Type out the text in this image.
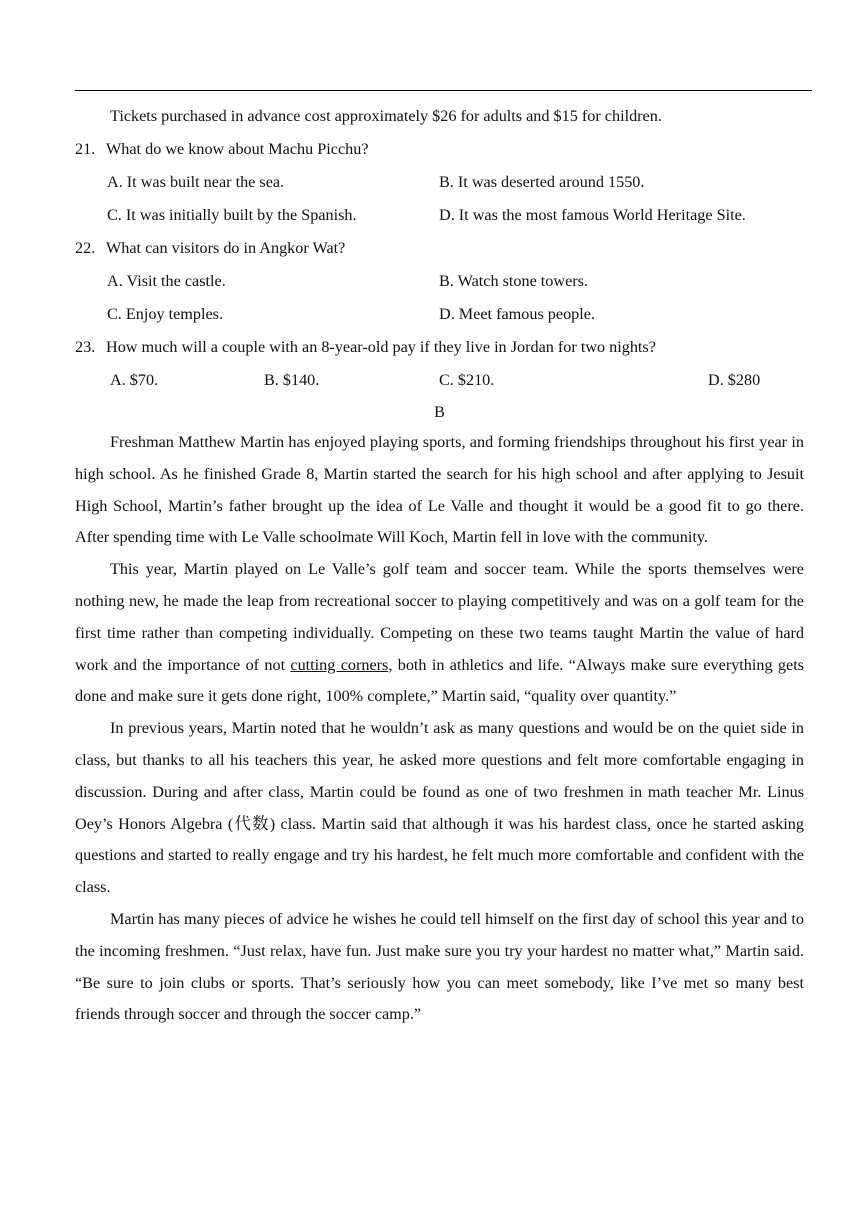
Tickets purchased in advance cost approximately $26 for adults and $15 for children.
21. What do we know about Machu Picchu?
A. It was built near the sea.	B. It was deserted around 1550.
C. It was initially built by the Spanish.	D. It was the most famous World Heritage Site.
22. What can visitors do in Angkor Wat?
A. Visit the castle.	B. Watch stone towers.
C. Enjoy temples.	D. Meet famous people.
23. How much will a couple with an 8-year-old pay if they live in Jordan for two nights?
A. $70.	B. $140.	C. $210.	D. $280
B

Freshman Matthew Martin has enjoyed playing sports, and forming friendships throughout his first year in high school. As he finished Grade 8, Martin started the search for his high school and after applying to Jesuit High School, Martin’s father brought up the idea of Le Valle and thought it would be a good fit to go there. After spending time with Le Valle schoolmate Will Koch, Martin fell in love with the community.

This year, Martin played on Le Valle’s golf team and soccer team. While the sports themselves were nothing new, he made the leap from recreational soccer to playing competitively and was on a golf team for the first time rather than competing individually. Competing on these two teams taught Martin the value of hard work and the importance of not cutting corners, both in athletics and life. “Always make sure everything gets done and make sure it gets done right, 100% complete,” Martin said, “quality over quantity.”

In previous years, Martin noted that he wouldn’t ask as many questions and would be on the quiet side in class, but thanks to all his teachers this year, he asked more questions and felt more comfortable engaging in discussion. During and after class, Martin could be found as one of two freshmen in math teacher Mr. Linus Oey’s Honors Algebra (代数) class. Martin said that although it was his hardest class, once he started asking questions and started to really engage and try his hardest, he felt much more comfortable and confident with the class.

Martin has many pieces of advice he wishes he could tell himself on the first day of school this year and to the incoming freshmen. “Just relax, have fun. Just make sure you try your hardest no matter what,” Martin said. “Be sure to join clubs or sports. That’s seriously how you can meet somebody, like I’ve met so many best friends through soccer and through the soccer camp.”
